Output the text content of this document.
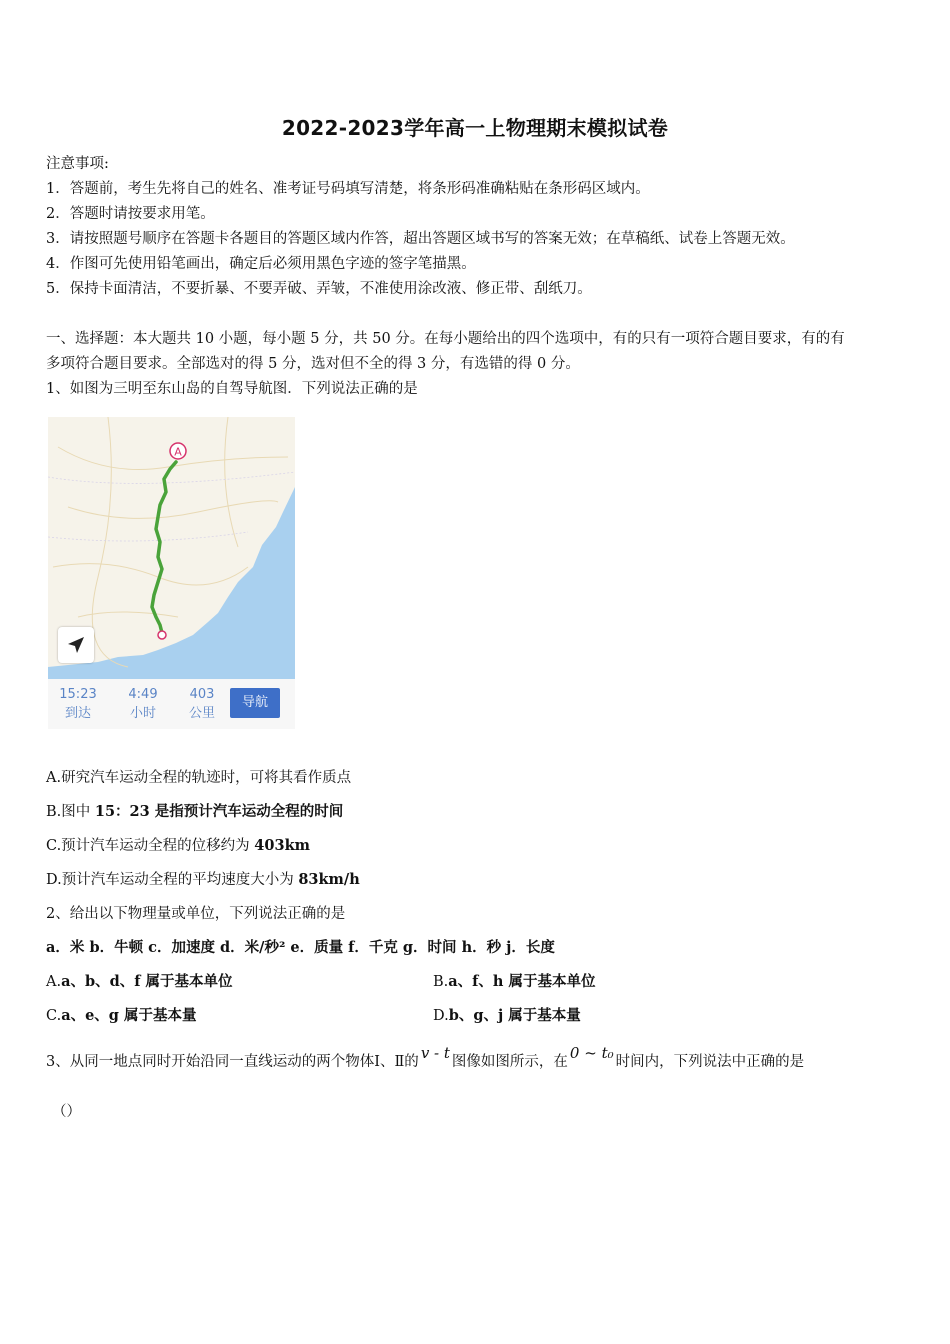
2022-2023学年高一上物理期末模拟试卷
注意事项:
1．答题前，考生先将自己的姓名、准考证号码填写清楚，将条形码准确粘贴在条形码区域内。
2．答题时请按要求用笔。
3．请按照题号顺序在答题卡各题目的答题区域内作答，超出答题区域书写的答案无效；在草稿纸、试卷上答题无效。
4．作图可先使用铅笔画出，确定后必须用黑色字迹的签字笔描黑。
5．保持卡面清洁，不要折暴、不要弄破、弄皱，不准使用涂改液、修正带、刮纸刀。
一、选择题：本大题共 10 小题，每小题 5 分，共 50 分。在每小题给出的四个选项中，有的只有一项符合题目要求，有的有
多项符合题目要求。全部选对的得 5 分，选对但不全的得 3 分，有选错的得 0 分。
1、如图为三明至东山岛的自驾导航图．下列说法正确的是
A
15:23
到达
4:49
小时
403
公里
导航
A.研究汽车运动全程的轨迹时，可将其看作质点
B.图中 15：23 是指预计汽车运动全程的时间
C.预计汽车运动全程的位移约为 403km
D.预计汽车运动全程的平均速度大小为 83km/h
2、给出以下物理量或单位，下列说法正确的是
a．米 b．牛顿 c．加速度 d．米/秒² e．质量 f．千克 g．时间 h．秒 j．长度
A.a、b、d、f 属于基本单位	B.a、f、h 属于基本单位
C.a、e、g 属于基本量	D.b、g、j 属于基本量
3、从同一地点同时开始沿同一直线运动的两个物体Ⅰ、Ⅱ的 v - t 图像如图所示，在 0 ~ t₀ 时间内，下列说法中正确的是
（）
